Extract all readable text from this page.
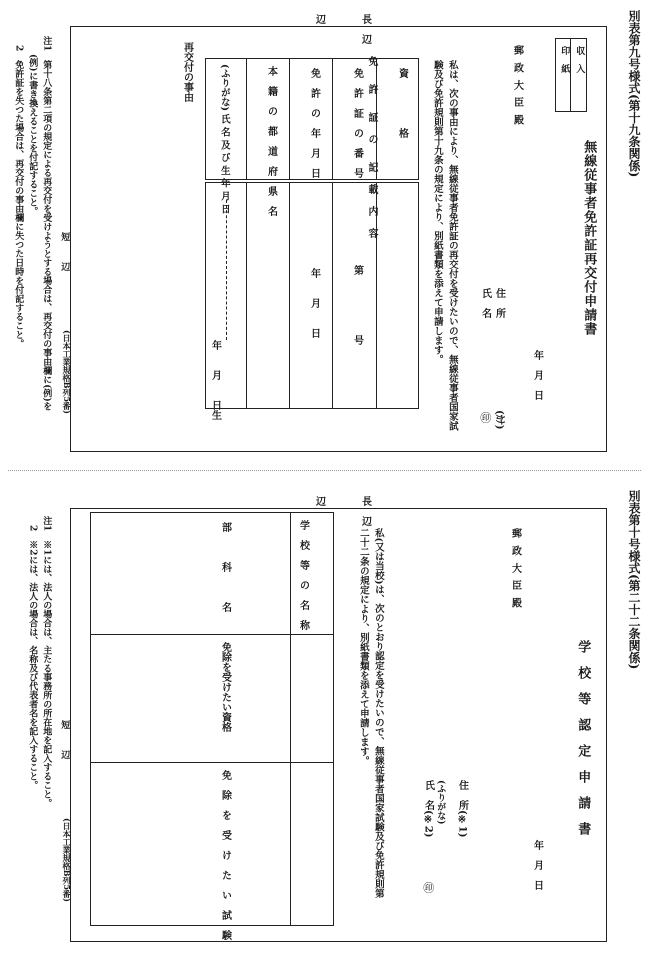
別表第九号様式(第十九条関係)
無線従事者免許証再交付申請書
年　月　日
収　入
印　紙
郵 政 大 臣 殿
住　所
氏　名
(ｶﾅ)
㊞
私は、次の事由により、無線従事者免許証の再交付を受けたいので、無線従事者国家試
験及び免許規則第十九条の規定により、別紙書類を添えて申請します。
資　　　　　格
免　許　証　の　番　号
免　許　の　年　月　日
本　籍　の　都　道　府　県　名
(ふりがな) 氏 名 及 び 生 年 月 日
第　　　　　　号
年　　月　　日
年　　月　　日生
長　辺
辺
免
許
証
の
記
載
内
容
再交付の事由
短　辺
(日本工業規格B列5番)
注1　第十八条第二項の規定による再交付を受けようとする場合は、再交付の事由欄に(例)を
　　(例)に書き換えることを付記すること。
　2　免許証を失つた場合は、再交付の事由欄に失つた日時を付記すること。
別表第十号様式(第二十二条関係)
学　校　等　認　定　申　請　書
年　月　日
郵 政 大 臣 殿
住　所(※1)
(ふりがな)
氏　名(※2)
㊞
私(又は当校)は、次のとおり認定を受けたいので、無線従事者国家試験及び免許規則第
二十二条の規定により、別紙書類を添えて申請します。
長　辺
辺
学　校　等　の　名　称
部　　　科　　　名
免除を受けたい資格
免　除　を　受　け　た　い　試　験
短　辺
(日本工業規格B列5番)
注1　※1には、法人の場合は、主たる事務所の所在地を記入すること。
　2　※2には、法人の場合は、名称及び代表者名を記入すること。
